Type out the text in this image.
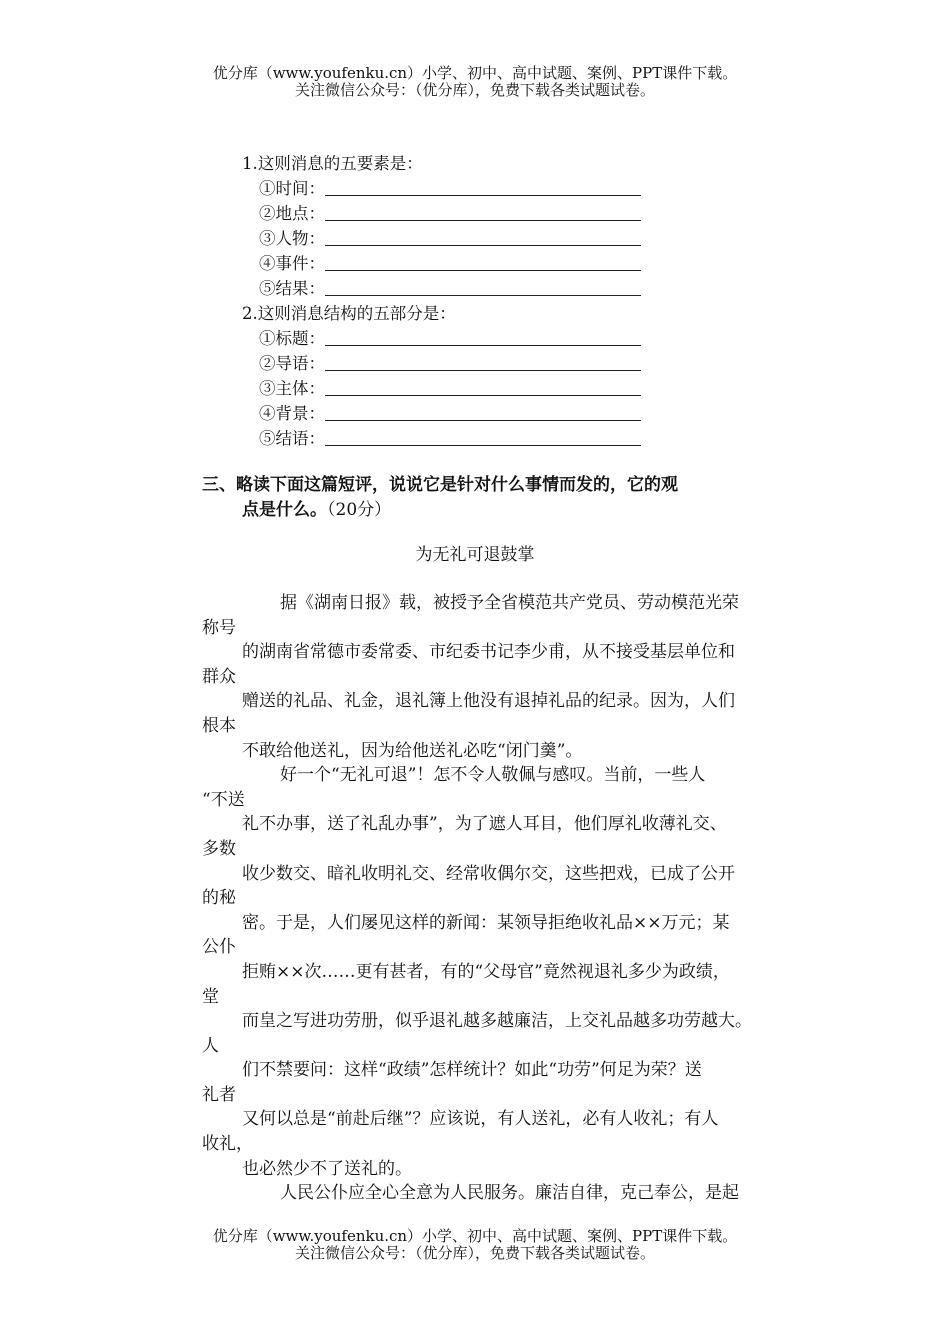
优分库（www.youfenku.cn）小学、初中、高中试题、案例、PPT课件下载。
关注微信公众号：（优分库），免费下载各类试题试卷。
1.这则消息的五要素是：
①时间：
②地点：
③人物：
④事件：
⑤结果：
2.这则消息结构的五部分是：
①标题：
②导语：
③主体：
④背景：
⑤结语：
三、略读下面这篇短评，说说它是针对什么事情而发的，它的观
点是什么。（20分）
为无礼可退鼓掌
据《湖南日报》载，被授予全省模范共产党员、劳动模范光荣
称号
的湖南省常德市委常委、市纪委书记李少甫，从不接受基层单位和
群众
赠送的礼品、礼金，退礼簿上他没有退掉礼品的纪录。因为，人们
根本
不敢给他送礼，因为给他送礼必吃“闭门羹”。
好一个“无礼可退”！怎不令人敬佩与感叹。当前，一些人
“不送
礼不办事，送了礼乱办事”，为了遮人耳目，他们厚礼收薄礼交、
多数
收少数交、暗礼收明礼交、经常收偶尔交，这些把戏，已成了公开
的秘
密。于是，人们屡见这样的新闻：某领导拒绝收礼品××万元；某
公仆
拒贿××次……更有甚者，有的“父母官”竟然视退礼多少为政绩，
堂
而皇之写进功劳册，似乎退礼越多越廉洁，上交礼品越多功劳越大。
人
们不禁要问：这样“政绩”怎样统计？如此“功劳”何足为荣？送
礼者
又何以总是“前赴后继”？应该说，有人送礼，必有人收礼；有人
收礼，
也必然少不了送礼的。
人民公仆应全心全意为人民服务。廉洁自律，克己奉公，是起
优分库（www.youfenku.cn）小学、初中、高中试题、案例、PPT课件下载。
关注微信公众号：（优分库），免费下载各类试题试卷。
